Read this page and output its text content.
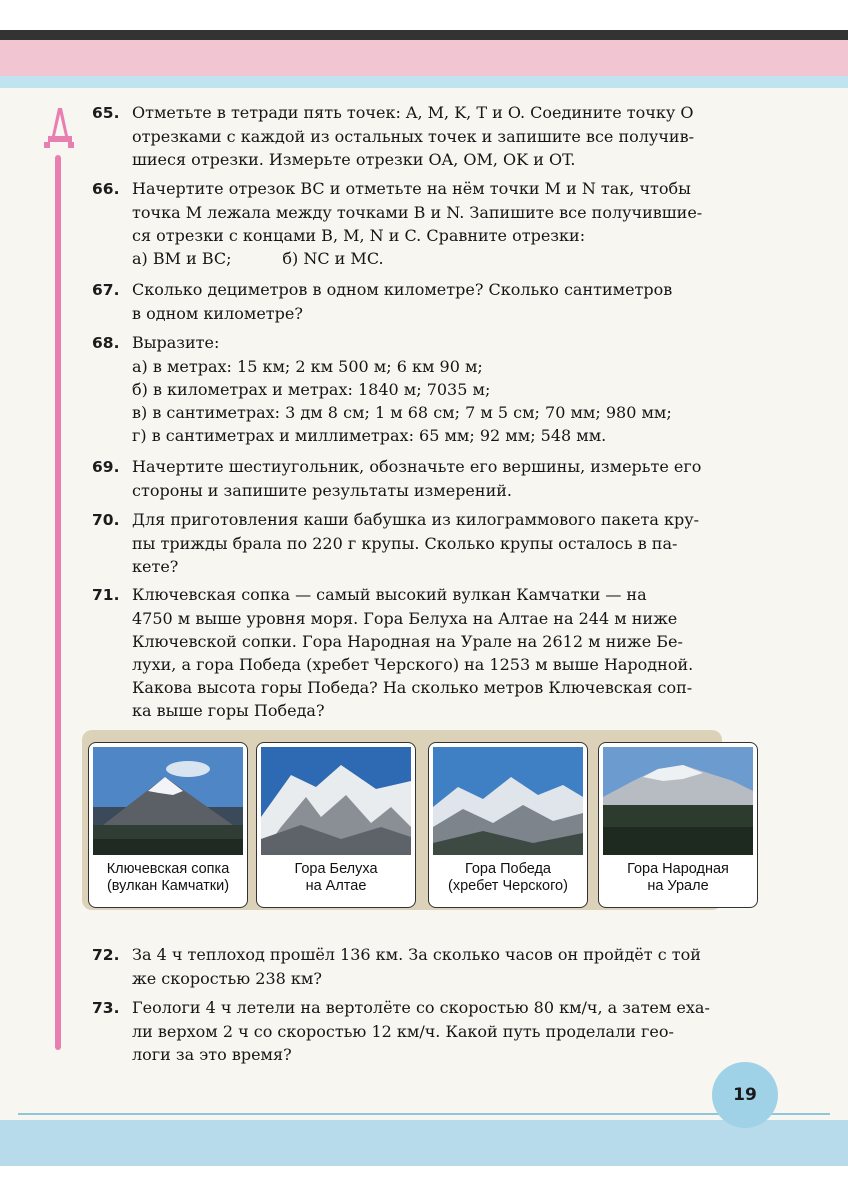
65. Отметьте в тетради пять точек: A, M, K, T и O. Соедините точку O
отрезками с каждой из остальных точек и запишите все получив-
шиеся отрезки. Измерьте отрезки OA, OM, OK и OT.
66. Начертите отрезок BC и отметьте на нём точки M и N так, чтобы
точка M лежала между точками B и N. Запишите все получившие-
ся отрезки с концами B, M, N и C. Сравните отрезки:
а) BM и BC;          б) NC и MC.
67. Сколько дециметров в одном километре? Сколько сантиметров
в одном километре?
68. Выразите:
а) в метрах: 15 км; 2 км 500 м; 6 км 90 м;
б) в километрах и метрах: 1840 м; 7035 м;
в) в сантиметрах: 3 дм 8 см; 1 м 68 см; 7 м 5 см; 70 мм; 980 мм;
г) в сантиметрах и миллиметрах: 65 мм; 92 мм; 548 мм.
69. Начертите шестиугольник, обозначьте его вершины, измерьте его
стороны и запишите результаты измерений.
70. Для приготовления каши бабушка из килограммового пакета кру-
пы трижды брала по 220 г крупы. Сколько крупы осталось в па-
кете?
71. Ключевская сопка — самый высокий вулкан Камчатки — на
4750 м выше уровня моря. Гора Белуха на Алтае на 244 м ниже
Ключевской сопки. Гора Народная на Урале на 2612 м ниже Бе-
лухи, а гора Победа (хребет Черского) на 1253 м выше Народной.
Какова высота горы Победа? На сколько метров Ключевская соп-
ка выше горы Победа?
Ключевская сопка
(вулкан Камчатки)
Гора Белуха
на Алтае
Гора Победа
(хребет Черского)
Гора Народная
на Урале
72. За 4 ч теплоход прошёл 136 км. За сколько часов он пройдёт с той
же скоростью 238 км?
73. Геологи 4 ч летели на вертолёте со скоростью 80 км/ч, а затем еха-
ли верхом 2 ч со скоростью 12 км/ч. Какой путь проделали гео-
логи за это время?
19
